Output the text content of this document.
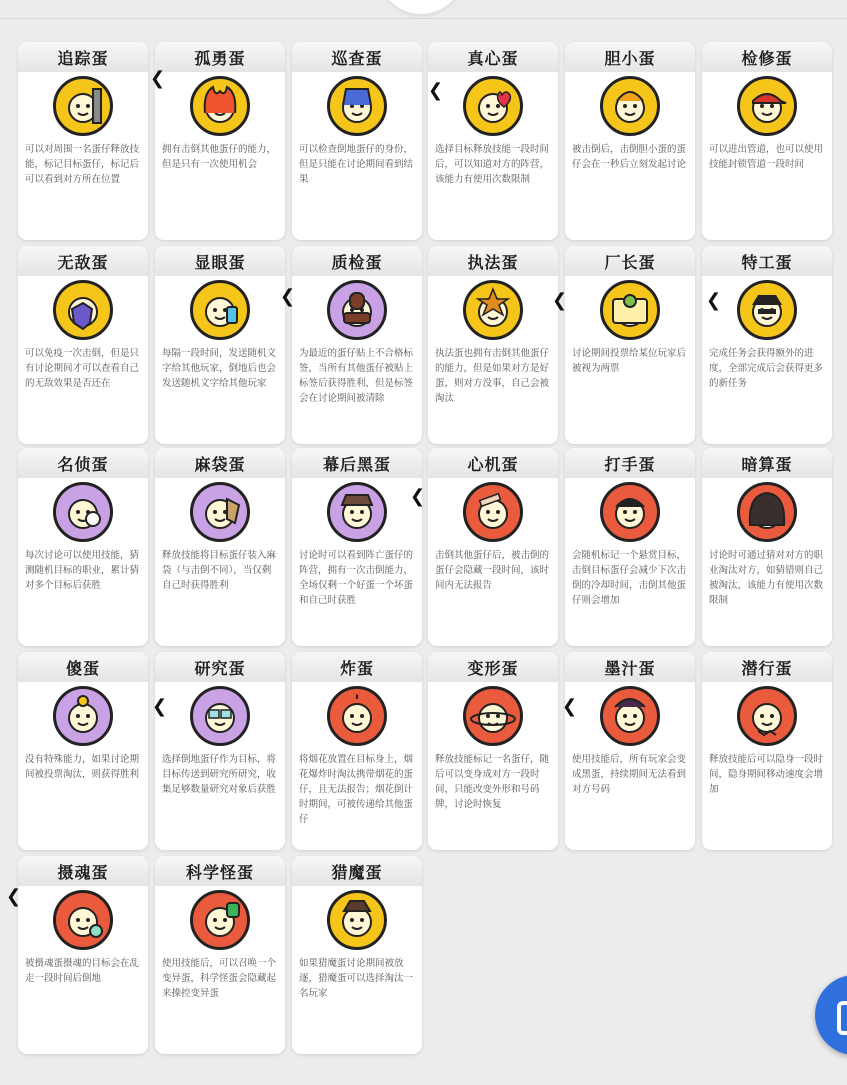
追踪蛋
可以对周围一名蛋仔释放技能，标记目标蛋仔，标记后可以看到对方所在位置
孤勇蛋
拥有击倒其他蛋仔的能力，但是只有一次使用机会
巡查蛋
可以检查倒地蛋仔的身份，但是只能在讨论期间看到结果
真心蛋
选择目标释放技能一段时间后，可以知道对方的阵营，该能力有使用次数限制
胆小蛋
被击倒后，击倒胆小蛋的蛋仔会在一秒后立刻发起讨论
检修蛋
可以进出管道，也可以使用技能封锁管道一段时间
无敌蛋
可以免疫一次击倒，但是只有讨论期间才可以查看自己的无敌效果是否还在
显眼蛋
每隔一段时间，发送随机文字给其他玩家，倒地后也会发送随机文字给其他玩家
质检蛋
为最近的蛋仔贴上不合格标签，当所有其他蛋仔被贴上标签后获得胜利，但是标签会在讨论期间被清除
执法蛋
执法蛋也拥有击倒其他蛋仔的能力，但是如果对方是好蛋，则对方没事，自己会被淘汰
厂长蛋
讨论期间投票给某位玩家后被视为两票
特工蛋
完成任务会获得额外的进度，全部完成后会获得更多的新任务
名侦蛋
每次讨论可以使用技能，猜测随机目标的职业，累计猜对多个目标后获胜
麻袋蛋
释放技能将目标蛋仔装入麻袋（与击倒不同），当仅剩自己时获得胜利
幕后黑蛋
讨论时可以看到阵亡蛋仔的阵营，拥有一次击倒能力，全场仅剩一个好蛋一个坏蛋和自己时获胜
心机蛋
击倒其他蛋仔后，被击倒的蛋仔会隐藏一段时间，该时间内无法报告
打手蛋
会随机标记一个悬赏目标，击倒目标蛋仔会减少下次击倒的冷却时间，击倒其他蛋仔则会增加
暗算蛋
讨论时可通过猜对对方的职业淘汰对方，如猜错则自己被淘汰，该能力有使用次数限制
傻蛋
没有特殊能力，如果讨论期间被投票淘汰，则获得胜利
研究蛋
选择倒地蛋仔作为目标，将目标传送到研究所研究，收集足够数量研究对象后获胜
炸蛋
将烟花放置在目标身上，烟花爆炸时淘汰携带烟花的蛋仔，且无法报告；烟花倒计时期间，可被传递给其他蛋仔
变形蛋
释放技能标记一名蛋仔，随后可以变身成对方一段时间，只能改变外形和号码牌，讨论时恢复
墨汁蛋
使用技能后，所有玩家会变成黑蛋，持续期间无法看到对方号码
潜行蛋
释放技能后可以隐身一段时间，隐身期间移动速度会增加
摄魂蛋
被摄魂蛋摄魂的目标会在乱走一段时间后倒地
科学怪蛋
使用技能后，可以召唤一个变异蛋，科学怪蛋会隐藏起来操控变异蛋
猎魔蛋
如果猎魔蛋讨论期间被放逐，猎魔蛋可以选择淘汰一名玩家
❮
❮
❮	❮	❮
❮
❮	❮
❮
